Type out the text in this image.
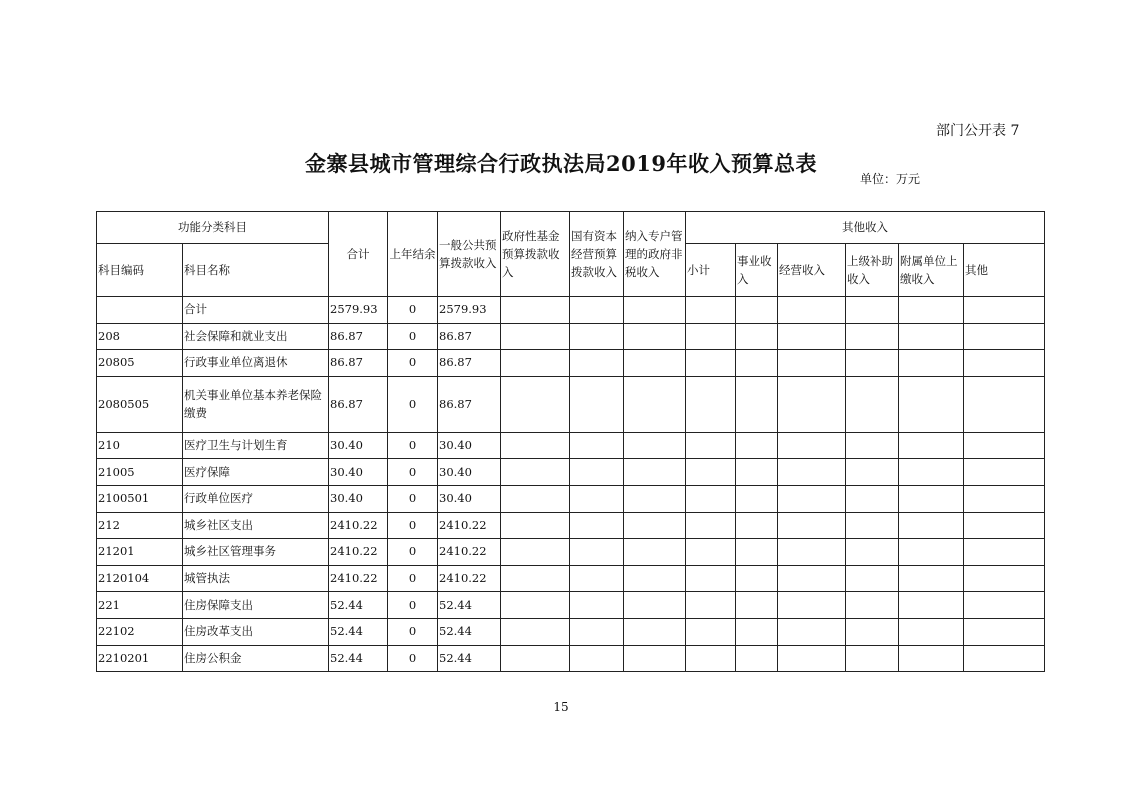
部门公开表 7
金寨县城市管理综合行政执法局2019年收入预算总表
单位：万元
功能分类科目		合计	上年结余	一般公共预算拨款收入	政府性基金预算拨款收入	国有资本经营预算拨款收入	纳入专户管理的政府非税收入	其他收入					
科目编码	科目名称							小计	事业收入	经营收入	上级补助收入	附属单位上缴收入	其他
	合计	2579.93	0	2579.93									
208	社会保障和就业支出	86.87	0	86.87									
20805	行政事业单位离退休	86.87	0	86.87									
2080505	机关事业单位基本养老保险缴费	86.87	0	86.87									
210	医疗卫生与计划生育	30.40	0	30.40									
21005	医疗保障	30.40	0	30.40									
2100501	行政单位医疗	30.40	0	30.40									
212	城乡社区支出	2410.22	0	2410.22									
21201	城乡社区管理事务	2410.22	0	2410.22									
2120104	城管执法	2410.22	0	2410.22									
221	住房保障支出	52.44	0	52.44									
22102	住房改革支出	52.44	0	52.44									
2210201	住房公积金	52.44	0	52.44									
15
